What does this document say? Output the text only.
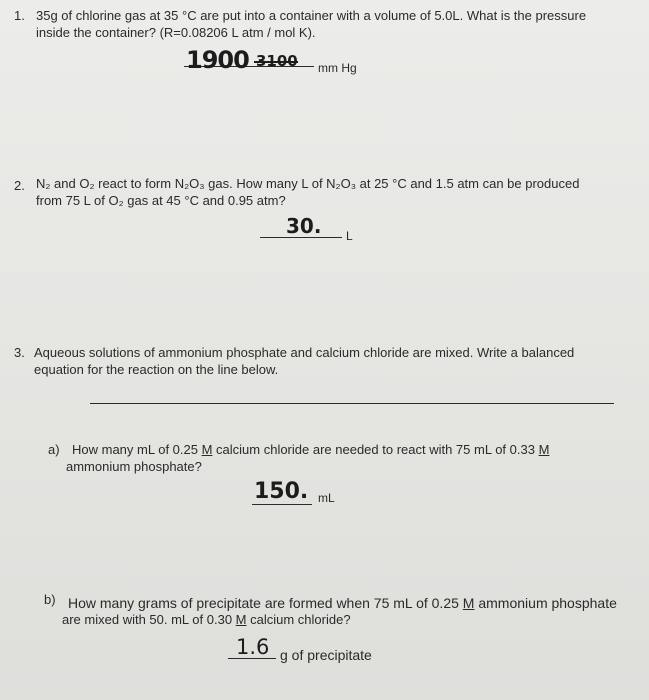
1. 35g of chlorine gas at 35 °C are put into a container with a volume of 5.0L. What is the pressure
inside the container? (R=0.08206 L atm / mol K).
1900 3100 mm Hg
2. N₂ and O₂ react to form N₂O₃ gas. How many L of N₂O₃ at 25 °C and 1.5 atm can be produced
from 75 L of O₂ gas at 45 °C and 0.95 atm?
30. L
3. Aqueous solutions of ammonium phosphate and calcium chloride are mixed. Write a balanced
equation for the reaction on the line below.
a) How many mL of 0.25 M calcium chloride are needed to react with 75 mL of 0.33 M
ammonium phosphate?
150. mL
b) How many grams of precipitate are formed when 75 mL of 0.25 M ammonium phosphate
are mixed with 50. mL of 0.30 M calcium chloride?
1.6 g of precipitate
